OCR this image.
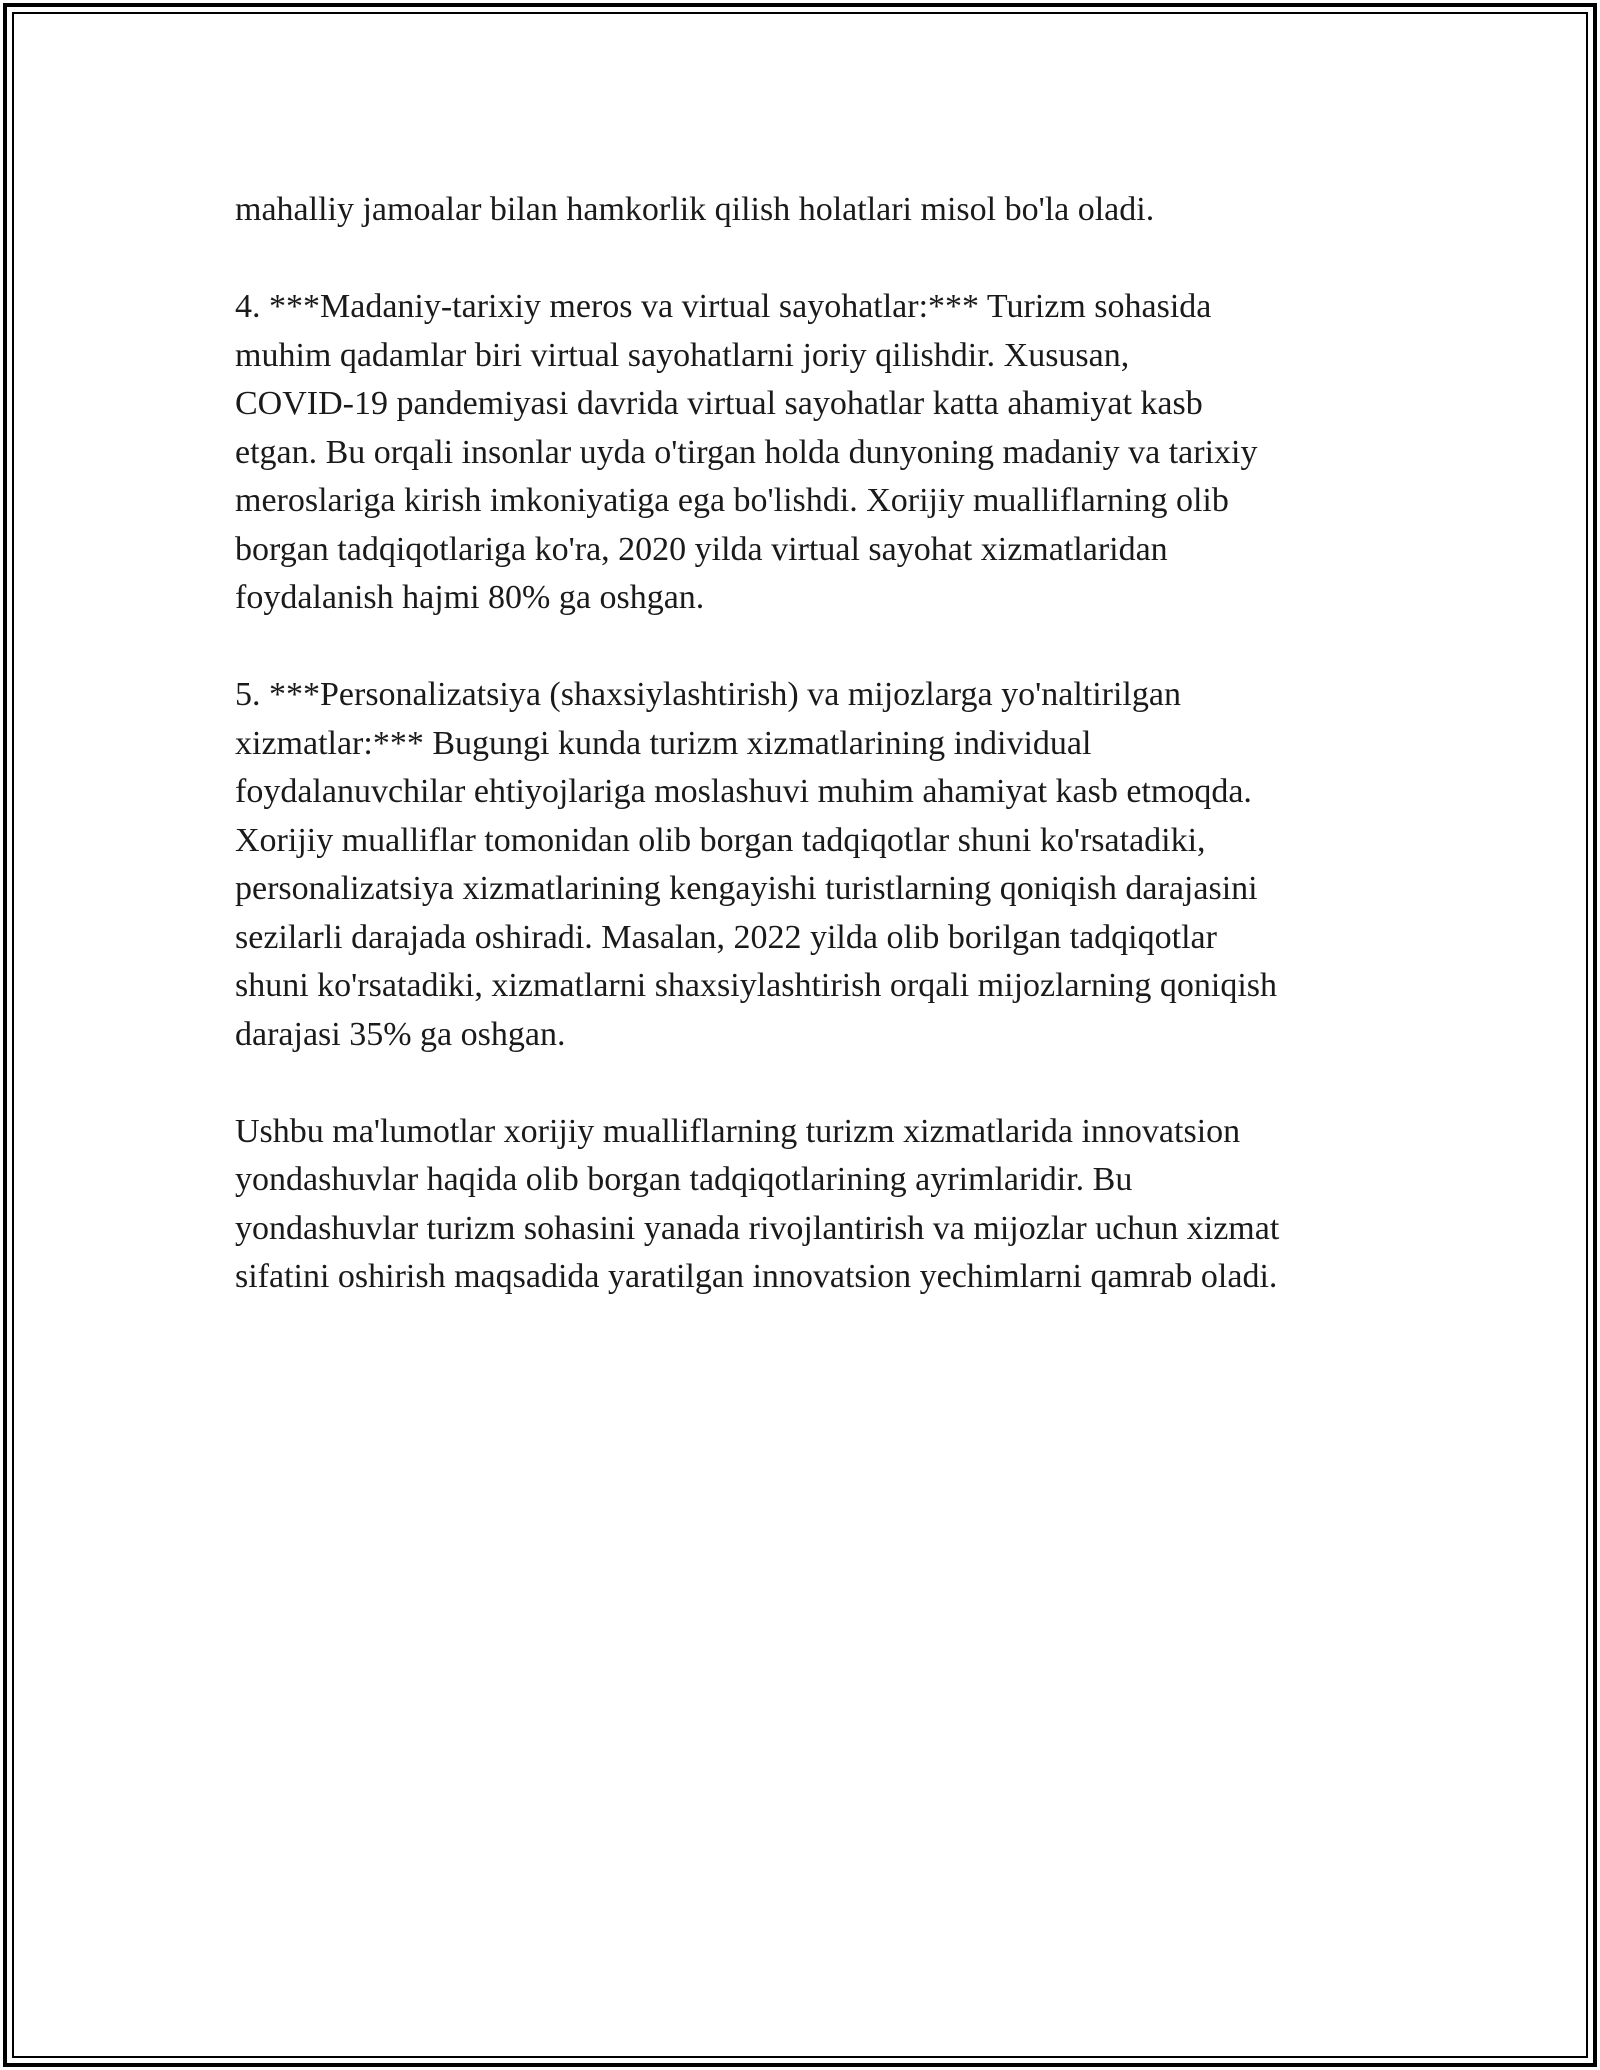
mahalliy jamoalar bilan hamkorlik qilish holatlari misol bo'la oladi.

4. ***Madaniy-tarixiy meros va virtual sayohatlar:*** Turizm sohasida
muhim qadamlar biri virtual sayohatlarni joriy qilishdir. Xususan,
COVID-19 pandemiyasi davrida virtual sayohatlar katta ahamiyat kasb
etgan. Bu orqali insonlar uyda o'tirgan holda dunyoning madaniy va tarixiy
meroslariga kirish imkoniyatiga ega bo'lishdi. Xorijiy mualliflarning olib
borgan tadqiqotlariga ko'ra, 2020 yilda virtual sayohat xizmatlaridan
foydalanish hajmi 80% ga oshgan.

5. ***Personalizatsiya (shaxsiylashtirish) va mijozlarga yo'naltirilgan
xizmatlar:*** Bugungi kunda turizm xizmatlarining individual
foydalanuvchilar ehtiyojlariga moslashuvi muhim ahamiyat kasb etmoqda.
Xorijiy mualliflar tomonidan olib borgan tadqiqotlar shuni ko'rsatadiki,
personalizatsiya xizmatlarining kengayishi turistlarning qoniqish darajasini
sezilarli darajada oshiradi. Masalan, 2022 yilda olib borilgan tadqiqotlar
shuni ko'rsatadiki, xizmatlarni shaxsiylashtirish orqali mijozlarning qoniqish
darajasi 35% ga oshgan.

Ushbu ma'lumotlar xorijiy mualliflarning turizm xizmatlarida innovatsion
yondashuvlar haqida olib borgan tadqiqotlarining ayrimlaridir. Bu
yondashuvlar turizm sohasini yanada rivojlantirish va mijozlar uchun xizmat
sifatini oshirish maqsadida yaratilgan innovatsion yechimlarni qamrab oladi.
